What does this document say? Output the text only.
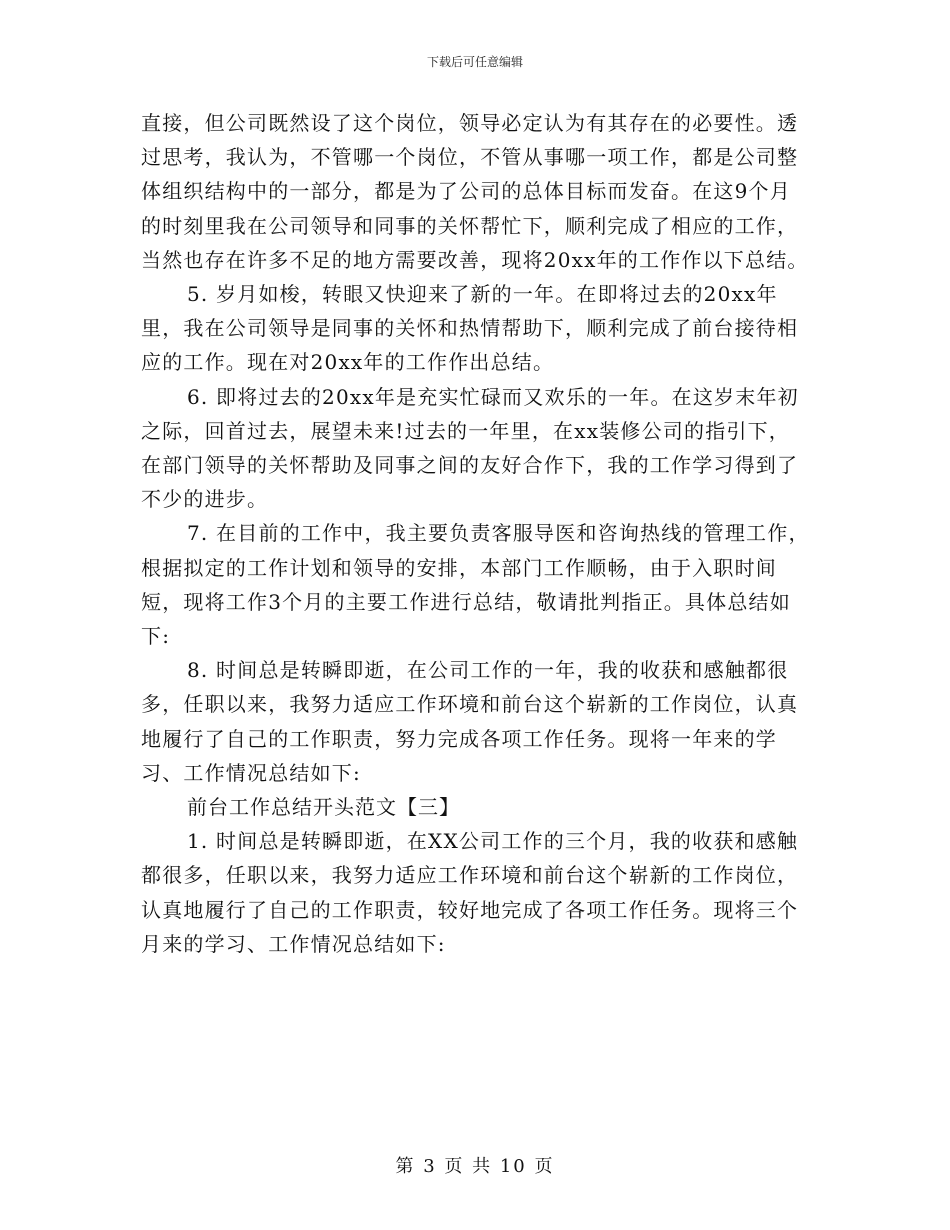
下载后可任意编辑

直接，但公司既然设了这个岗位，领导必定认为有其存在的必要性。透过思考，我认为，不管哪一个岗位，不管从事哪一项工作，都是公司整体组织结构中的一部分，都是为了公司的总体目标而发奋。在这9个月的时刻里我在公司领导和同事的关怀帮忙下，顺利完成了相应的工作，当然也存在许多不足的地方需要改善，现将20xx年的工作作以下总结。

5. 岁月如梭，转眼又快迎来了新的一年。在即将过去的20xx年里，我在公司领导是同事的关怀和热情帮助下，顺利完成了前台接待相应的工作。现在对20xx年的工作作出总结。

6. 即将过去的20xx年是充实忙碌而又欢乐的一年。在这岁末年初之际，回首过去，展望未来!过去的一年里，在xx装修公司的指引下，在部门领导的关怀帮助及同事之间的友好合作下，我的工作学习得到了不少的进步。

7. 在目前的工作中，我主要负责客服导医和咨询热线的管理工作，根据拟定的工作计划和领导的安排，本部门工作顺畅，由于入职时间短，现将工作3个月的主要工作进行总结，敬请批判指正。具体总结如下:

8. 时间总是转瞬即逝，在公司工作的一年，我的收获和感触都很多，任职以来，我努力适应工作环境和前台这个崭新的工作岗位，认真地履行了自己的工作职责，努力完成各项工作任务。现将一年来的学习、工作情况总结如下:

前台工作总结开头范文【三】

1. 时间总是转瞬即逝，在XX公司工作的三个月，我的收获和感触都很多，任职以来，我努力适应工作环境和前台这个崭新的工作岗位，认真地履行了自己的工作职责，较好地完成了各项工作任务。现将三个月来的学习、工作情况总结如下:

第 3 页 共 10 页
